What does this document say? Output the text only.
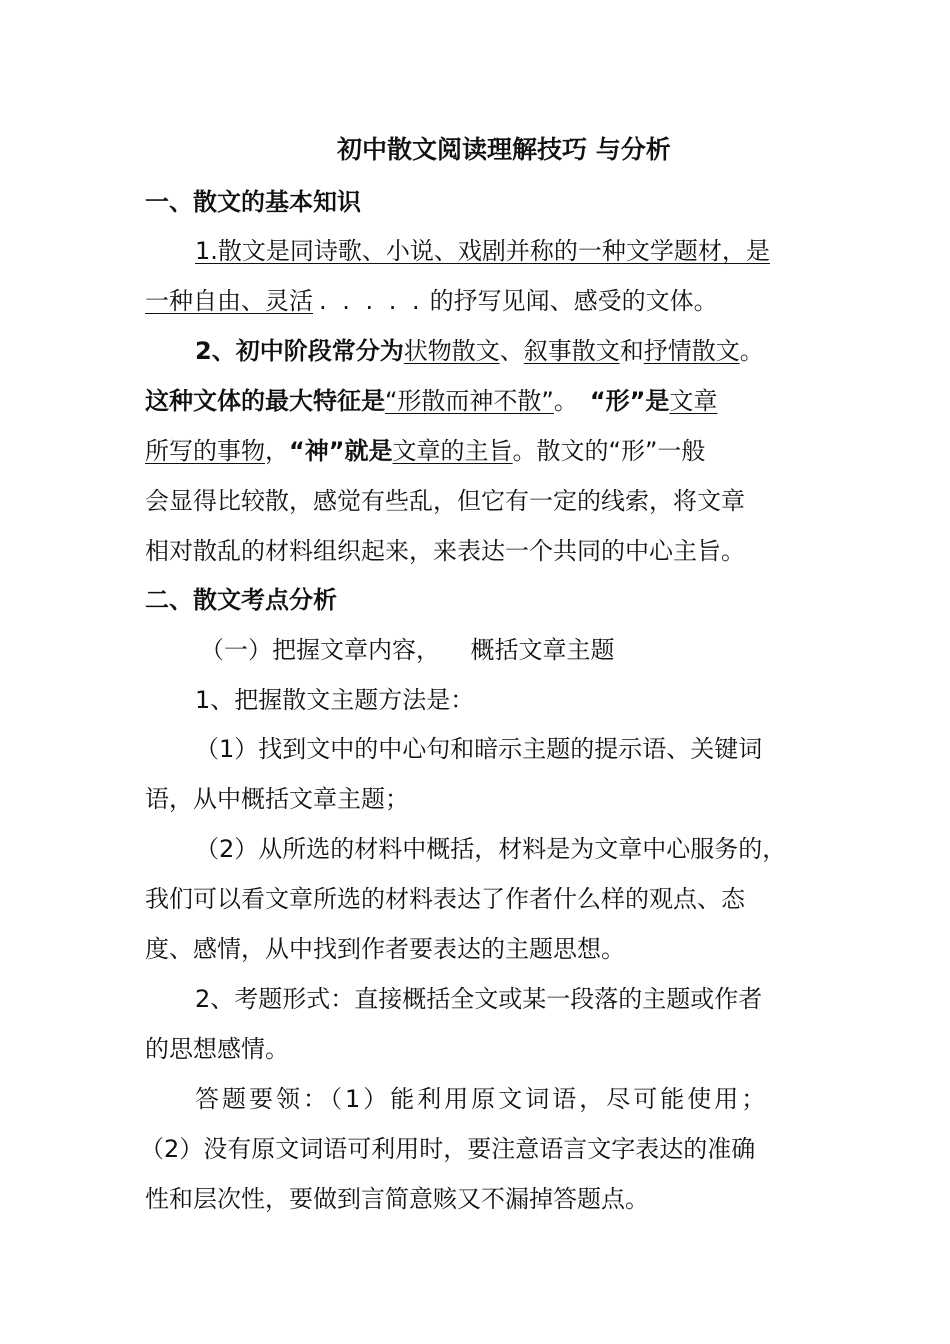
初中散文阅读理解技巧 与分析
一、散文的基本知识
1.散文是同诗歌、小说、戏剧并称的一种文学题材，是
一种自由、灵活 . . . . . 的抒写见闻、感受的文体。
2、初中阶段常分为状物散文、叙事散文和抒情散文。
这种文体的最大特征是“形散而神不散”。 “形”是文章
所写的事物，“神”就是文章的主旨。散文的“形”一般
会显得比较散，感觉有些乱，但它有一定的线索，将文章
相对散乱的材料组织起来，来表达一个共同的中心主旨。
二、散文考点分析
（一）把握文章内容，    概括文章主题
1、把握散文主题方法是：
（1）找到文中的中心句和暗示主题的提示语、关键词
语，从中概括文章主题；
（2）从所选的材料中概括，材料是为文章中心服务的，
我们可以看文章所选的材料表达了作者什么样的观点、态
度、感情，从中找到作者要表达的主题思想。
2、考题形式：直接概括全文或某一段落的主题或作者
的思想感情。
答题要领：（1）能利用原文词语，尽可能使用；
（2）没有原文词语可利用时，要注意语言文字表达的准确
性和层次性，要做到言简意赅又不漏掉答题点。
